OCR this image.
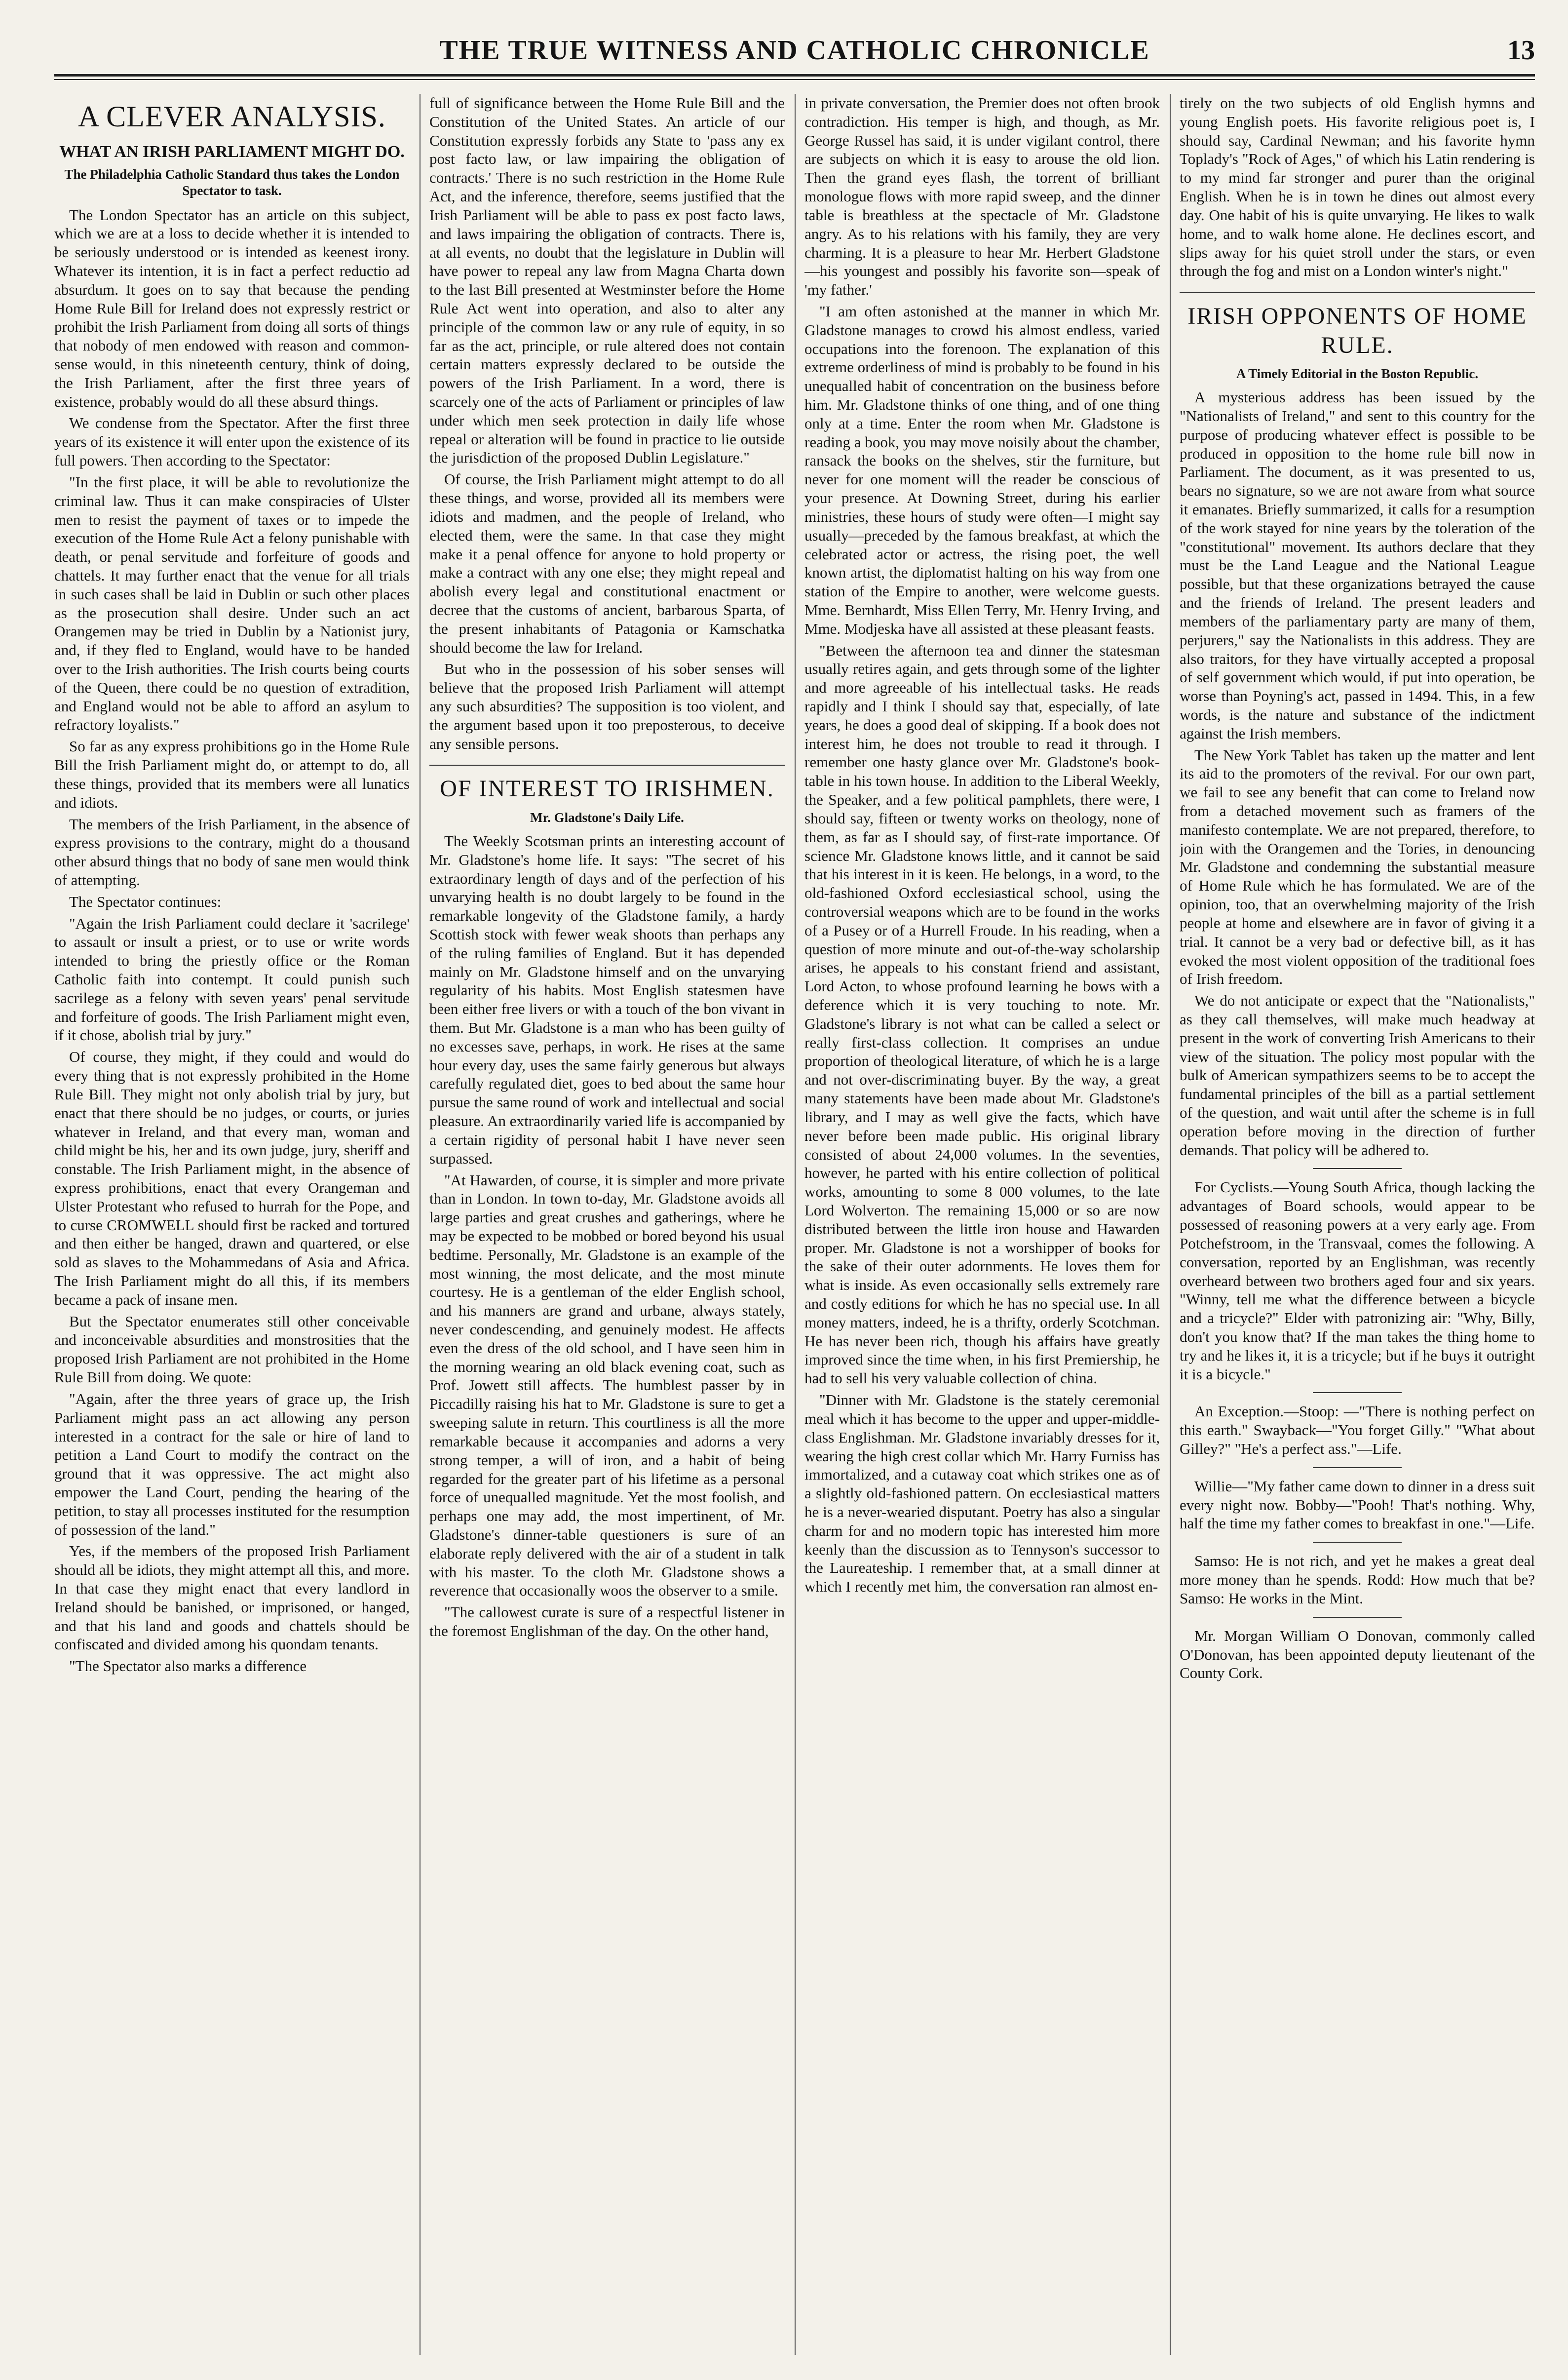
THE TRUE WITNESS AND CATHOLIC CHRONICLE	13
A CLEVER ANALYSIS.
WHAT AN IRISH PARLIAMENT MIGHT DO.
The Philadelphia Catholic Standard thus takes the London Spectator to task.

The London Spectator has an article on this subject, which we are at a loss to decide whether it is intended to be seriously understood or is intended as keenest irony. Whatever its intention, it is in fact a perfect reductio ad absurdum. It goes on to say that because the pending Home Rule Bill for Ireland does not expressly restrict or prohibit the Irish Parliament from doing all sorts of things that nobody of men endowed with reason and common-sense would, in this nineteenth century, think of doing, the Irish Parliament, after the first three years of existence, probably would do all these absurd things.

We condense from the Spectator. After the first three years of its existence it will enter upon the existence of its full powers. Then according to the Spectator:

"In the first place, it will be able to revolutionize the criminal law. Thus it can make conspiracies of Ulster men to resist the payment of taxes or to impede the execution of the Home Rule Act a felony punishable with death, or penal servitude and forfeiture of goods and chattels. It may further enact that the venue for all trials in such cases shall be laid in Dublin or such other places as the prosecution shall desire. Under such an act Orangemen may be tried in Dublin by a Nationist jury, and, if they fled to England, would have to be handed over to the Irish authorities. The Irish courts being courts of the Queen, there could be no question of extradition, and England would not be able to afford an asylum to refractory loyalists."

So far as any express prohibitions go in the Home Rule Bill the Irish Parliament might do, or attempt to do, all these things, provided that its members were all lunatics and idiots.

The members of the Irish Parliament, in the absence of express provisions to the contrary, might do a thousand other absurd things that no body of sane men would think of attempting.

The Spectator continues:

"Again the Irish Parliament could declare it 'sacrilege' to assault or insult a priest, or to use or write words intended to bring the priestly office or the Roman Catholic faith into contempt. It could punish such sacrilege as a felony with seven years' penal servitude and forfeiture of goods. The Irish Parliament might even, if it chose, abolish trial by jury."

Of course, they might, if they could and would do every thing that is not expressly prohibited in the Home Rule Bill. They might not only abolish trial by jury, but enact that there should be no judges, or courts, or juries whatever in Ireland, and that every man, woman and child might be his, her and its own judge, jury, sheriff and constable. The Irish Parliament might, in the absence of express prohibitions, enact that every Orangeman and Ulster Protestant who refused to hurrah for the Pope, and to curse CROMWELL should first be racked and tortured and then either be hanged, drawn and quartered, or else sold as slaves to the Mohammedans of Asia and Africa. The Irish Parliament might do all this, if its members became a pack of insane men.

But the Spectator enumerates still other conceivable and inconceivable absurdities and monstrosities that the proposed Irish Parliament are not prohibited in the Home Rule Bill from doing. We quote:

"Again, after the three years of grace up, the Irish Parliament might pass an act allowing any person interested in a contract for the sale or hire of land to petition a Land Court to modify the contract on the ground that it was oppressive. The act might also empower the Land Court, pending the hearing of the petition, to stay all processes instituted for the resumption of possession of the land."

Yes, if the members of the proposed Irish Parliament should all be idiots, they might attempt all this, and more. In that case they might enact that every landlord in Ireland should be banished, or imprisoned, or hanged, and that his land and goods and chattels should be confiscated and divided among his quondam tenants.

"The Spectator also marks a difference

full of significance between the Home Rule Bill and the Constitution of the United States. An article of our Constitution expressly forbids any State to 'pass any ex post facto law, or law impairing the obligation of contracts.' There is no such restriction in the Home Rule Act, and the inference, therefore, seems justified that the Irish Parliament will be able to pass ex post facto laws, and laws impairing the obligation of contracts. There is, at all events, no doubt that the legislature in Dublin will have power to repeal any law from Magna Charta down to the last Bill presented at Westminster before the Home Rule Act went into operation, and also to alter any principle of the common law or any rule of equity, in so far as the act, principle, or rule altered does not contain certain matters expressly declared to be outside the powers of the Irish Parliament. In a word, there is scarcely one of the acts of Parliament or principles of law under which men seek protection in daily life whose repeal or alteration will be found in practice to lie outside the jurisdiction of the proposed Dublin Legislature."

Of course, the Irish Parliament might attempt to do all these things, and worse, provided all its members were idiots and madmen, and the people of Ireland, who elected them, were the same. In that case they might make it a penal offence for anyone to hold property or make a contract with any one else; they might repeal and abolish every legal and constitutional enactment or decree that the customs of ancient, barbarous Sparta, of the present inhabitants of Patagonia or Kamschatka should become the law for Ireland.

But who in the possession of his sober senses will believe that the proposed Irish Parliament will attempt any such absurdities? The supposition is too violent, and the argument based upon it too preposterous, to deceive any sensible persons.

OF INTEREST TO IRISHMEN.
Mr. Gladstone's Daily Life.

The Weekly Scotsman prints an interesting account of Mr. Gladstone's home life. It says: "The secret of his extraordinary length of days and of the perfection of his unvarying health is no doubt largely to be found in the remarkable longevity of the Gladstone family, a hardy Scottish stock with fewer weak shoots than perhaps any of the ruling families of England. But it has depended mainly on Mr. Gladstone himself and on the unvarying regularity of his habits. Most English statesmen have been either free livers or with a touch of the bon vivant in them. But Mr. Gladstone is a man who has been guilty of no excesses save, perhaps, in work. He rises at the same hour every day, uses the same fairly generous but always carefully regulated diet, goes to bed about the same hour pursue the same round of work and intellectual and social pleasure. An extraordinarily varied life is accompanied by a certain rigidity of personal habit I have never seen surpassed.

"At Hawarden, of course, it is simpler and more private than in London. In town to-day, Mr. Gladstone avoids all large parties and great crushes and gatherings, where he may be expected to be mobbed or bored beyond his usual bedtime. Personally, Mr. Gladstone is an example of the most winning, the most delicate, and the most minute courtesy. He is a gentleman of the elder English school, and his manners are grand and urbane, always stately, never condescending, and genuinely modest. He affects even the dress of the old school, and I have seen him in the morning wearing an old black evening coat, such as Prof. Jowett still affects. The humblest passer by in Piccadilly raising his hat to Mr. Gladstone is sure to get a sweeping salute in return. This courtliness is all the more remarkable because it accompanies and adorns a very strong temper, a will of iron, and a habit of being regarded for the greater part of his lifetime as a personal force of unequalled magnitude. Yet the most foolish, and perhaps one may add, the most impertinent, of Mr. Gladstone's dinner-table questioners is sure of an elaborate reply delivered with the air of a student in talk with his master. To the cloth Mr. Gladstone shows a reverence that occasionally woos the observer to a smile.

"The callowest curate is sure of a respectful listener in the foremost Englishman of the day. On the other hand,

in private conversation, the Premier does not often brook contradiction. His temper is high, and though, as Mr. George Russel has said, it is under vigilant control, there are subjects on which it is easy to arouse the old lion. Then the grand eyes flash, the torrent of brilliant monologue flows with more rapid sweep, and the dinner table is breathless at the spectacle of Mr. Gladstone angry. As to his relations with his family, they are very charming. It is a pleasure to hear Mr. Herbert Gladstone—his youngest and possibly his favorite son—speak of 'my father.'

"I am often astonished at the manner in which Mr. Gladstone manages to crowd his almost endless, varied occupations into the forenoon. The explanation of this extreme orderliness of mind is probably to be found in his unequalled habit of concentration on the business before him. Mr. Gladstone thinks of one thing, and of one thing only at a time. Enter the room when Mr. Gladstone is reading a book, you may move noisily about the chamber, ransack the books on the shelves, stir the furniture, but never for one moment will the reader be conscious of your presence. At Downing Street, during his earlier ministries, these hours of study were often—I might say usually—preceded by the famous breakfast, at which the celebrated actor or actress, the rising poet, the well known artist, the diplomatist halting on his way from one station of the Empire to another, were welcome guests. Mme. Bernhardt, Miss Ellen Terry, Mr. Henry Irving, and Mme. Modjeska have all assisted at these pleasant feasts.

"Between the afternoon tea and dinner the statesman usually retires again, and gets through some of the lighter and more agreeable of his intellectual tasks. He reads rapidly and I think I should say that, especially, of late years, he does a good deal of skipping. If a book does not interest him, he does not trouble to read it through. I remember one hasty glance over Mr. Gladstone's book-table in his town house. In addition to the Liberal Weekly, the Speaker, and a few political pamphlets, there were, I should say, fifteen or twenty works on theology, none of them, as far as I should say, of first-rate importance. Of science Mr. Gladstone knows little, and it cannot be said that his interest in it is keen. He belongs, in a word, to the old-fashioned Oxford ecclesiastical school, using the controversial weapons which are to be found in the works of a Pusey or of a Hurrell Froude. In his reading, when a question of more minute and out-of-the-way scholarship arises, he appeals to his constant friend and assistant, Lord Acton, to whose profound learning he bows with a deference which it is very touching to note. Mr. Gladstone's library is not what can be called a select or really first-class collection. It comprises an undue proportion of theological literature, of which he is a large and not over-discriminating buyer. By the way, a great many statements have been made about Mr. Gladstone's library, and I may as well give the facts, which have never before been made public. His original library consisted of about 24,000 volumes. In the seventies, however, he parted with his entire collection of political works, amounting to some 8 000 volumes, to the late Lord Wolverton. The remaining 15,000 or so are now distributed between the little iron house and Hawarden proper. Mr. Gladstone is not a worshipper of books for the sake of their outer adornments. He loves them for what is inside. As even occasionally sells extremely rare and costly editions for which he has no special use. In all money matters, indeed, he is a thrifty, orderly Scotchman. He has never been rich, though his affairs have greatly improved since the time when, in his first Premiership, he had to sell his very valuable collection of china.

"Dinner with Mr. Gladstone is the stately ceremonial meal which it has become to the upper and upper-middle-class Englishman. Mr. Gladstone invariably dresses for it, wearing the high crest collar which Mr. Harry Furniss has immortalized, and a cutaway coat which strikes one as of a slightly old-fashioned pattern. On ecclesiastical matters he is a never-wearied disputant. Poetry has also a singular charm for and no modern topic has interested him more keenly than the discussion as to Tennyson's successor to the Laureateship. I remember that, at a small dinner at which I recently met him, the conversation ran almost en-

tirely on the two subjects of old English hymns and young English poets. His favorite religious poet is, I should say, Cardinal Newman; and his favorite hymn Toplady's "Rock of Ages," of which his Latin rendering is to my mind far stronger and purer than the original English. When he is in town he dines out almost every day. One habit of his is quite unvarying. He likes to walk home, and to walk home alone. He declines escort, and slips away for his quiet stroll under the stars, or even through the fog and mist on a London winter's night."

IRISH OPPONENTS OF HOME RULE.
A Timely Editorial in the Boston Republic.

A mysterious address has been issued by the "Nationalists of Ireland," and sent to this country for the purpose of producing whatever effect is possible to be produced in opposition to the home rule bill now in Parliament. The document, as it was presented to us, bears no signature, so we are not aware from what source it emanates. Briefly summarized, it calls for a resumption of the work stayed for nine years by the toleration of the "constitutional" movement. Its authors declare that they must be the Land League and the National League possible, but that these organizations betrayed the cause and the friends of Ireland. The present leaders and members of the parliamentary party are many of them, perjurers," say the Nationalists in this address. They are also traitors, for they have virtually accepted a proposal of self government which would, if put into operation, be worse than Poyning's act, passed in 1494. This, in a few words, is the nature and substance of the indictment against the Irish members.

The New York Tablet has taken up the matter and lent its aid to the promoters of the revival. For our own part, we fail to see any benefit that can come to Ireland now from a detached movement such as framers of the manifesto contemplate. We are not prepared, therefore, to join with the Orangemen and the Tories, in denouncing Mr. Gladstone and condemning the substantial measure of Home Rule which he has formulated. We are of the opinion, too, that an overwhelming majority of the Irish people at home and elsewhere are in favor of giving it a trial. It cannot be a very bad or defective bill, as it has evoked the most violent opposition of the traditional foes of Irish freedom.

We do not anticipate or expect that the "Nationalists," as they call themselves, will make much headway at present in the work of converting Irish Americans to their view of the situation. The policy most popular with the bulk of American sympathizers seems to be to accept the fundamental principles of the bill as a partial settlement of the question, and wait until after the scheme is in full operation before moving in the direction of further demands. That policy will be adhered to.

For Cyclists.—Young South Africa, though lacking the advantages of Board schools, would appear to be possessed of reasoning powers at a very early age. From Potchefstroom, in the Transvaal, comes the following. A conversation, reported by an Englishman, was recently overheard between two brothers aged four and six years. "Winny, tell me what the difference between a bicycle and a tricycle?" Elder with patronizing air: "Why, Billy, don't you know that? If the man takes the thing home to try and he likes it, it is a tricycle; but if he buys it outright it is a bicycle."

An Exception.—Stoop: —"There is nothing perfect on this earth." Swayback—"You forget Gilly." "What about Gilley?" "He's a perfect ass."—Life.

Willie—"My father came down to dinner in a dress suit every night now. Bobby—"Pooh! That's nothing. Why, half the time my father comes to breakfast in one."—Life.

Samso: He is not rich, and yet he makes a great deal more money than he spends. Rodd: How much that be? Samso: He works in the Mint.

Mr. Morgan William O Donovan, commonly called O'Donovan, has been appointed deputy lieutenant of the County Cork.
